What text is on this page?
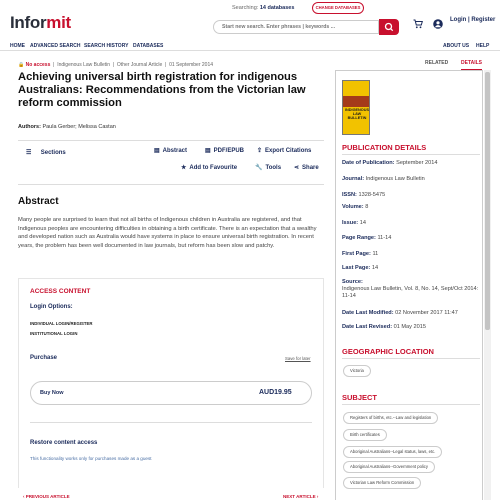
Informit
Searching: 14 databases	CHANGE DATABASES
Start new search. Enter phrases | keywords ...
Login | Register
HOME ADVANCED SEARCH SEARCH HISTORY DATABASES	ABOUT US HELP
🔒 No access  |  Indigenous Law Bulletin  |  Other Journal Article  |  01 September 2014	RELATED	DETAILS
Achieving universal birth registration for indigenous Australians: Recommendations from the Victorian law reform commission
Authors: Paula Gerber; Melissa Castan
☰
Sections	▤ Abstract	▤ PDF/EPUB ⇪ Export Citations
★ Add to Favourite	🔧 Tools ⋖ Share
Abstract
Many people are surprised to learn that not all births of Indigenous children in Australia are registered, and that Indigenous peoples are encountering difficulties in obtaining a birth certificate. There is an expectation that a wealthy and developed nation such as Australia would have systems in place to ensure universal birth registration. In recent years, the problem has been well documented in law journals, but reform has been slow and patchy.
ACCESS CONTENT
Login Options:
INDIVIDUAL LOGIN/REGISTER
INSTITUTIONAL LOGIN
Purchase	Save for later
Buy Now	AUD19.95
Restore content access
This functionality works only for purchases made as a guest
‹ PREVIOUS ARTICLE	NEXT ARTICLE ›
INDIGENOUS LAW BULLETIN
PUBLICATION DETAILS
Date of Publication: September 2014
Journal: Indigenous Law Bulletin
ISSN: 1328-5475
Volume: 8
Issue: 14
Page Range: 11-14
First Page: 11
Last Page: 14
Source:
Indigenous Law Bulletin, Vol. 8, No. 14, Sept/Oct 2014: 11-14
Date Last Modified: 02 November 2017 11:47
Date Last Revised: 01 May 2015
GEOGRAPHIC LOCATION
Victoria
SUBJECT
Registers of births, etc.--Law and legislation
Birth certificates
Aboriginal Australians--Legal status, laws, etc.
Aboriginal Australians--Government policy
Victorian Law Reform Commission
